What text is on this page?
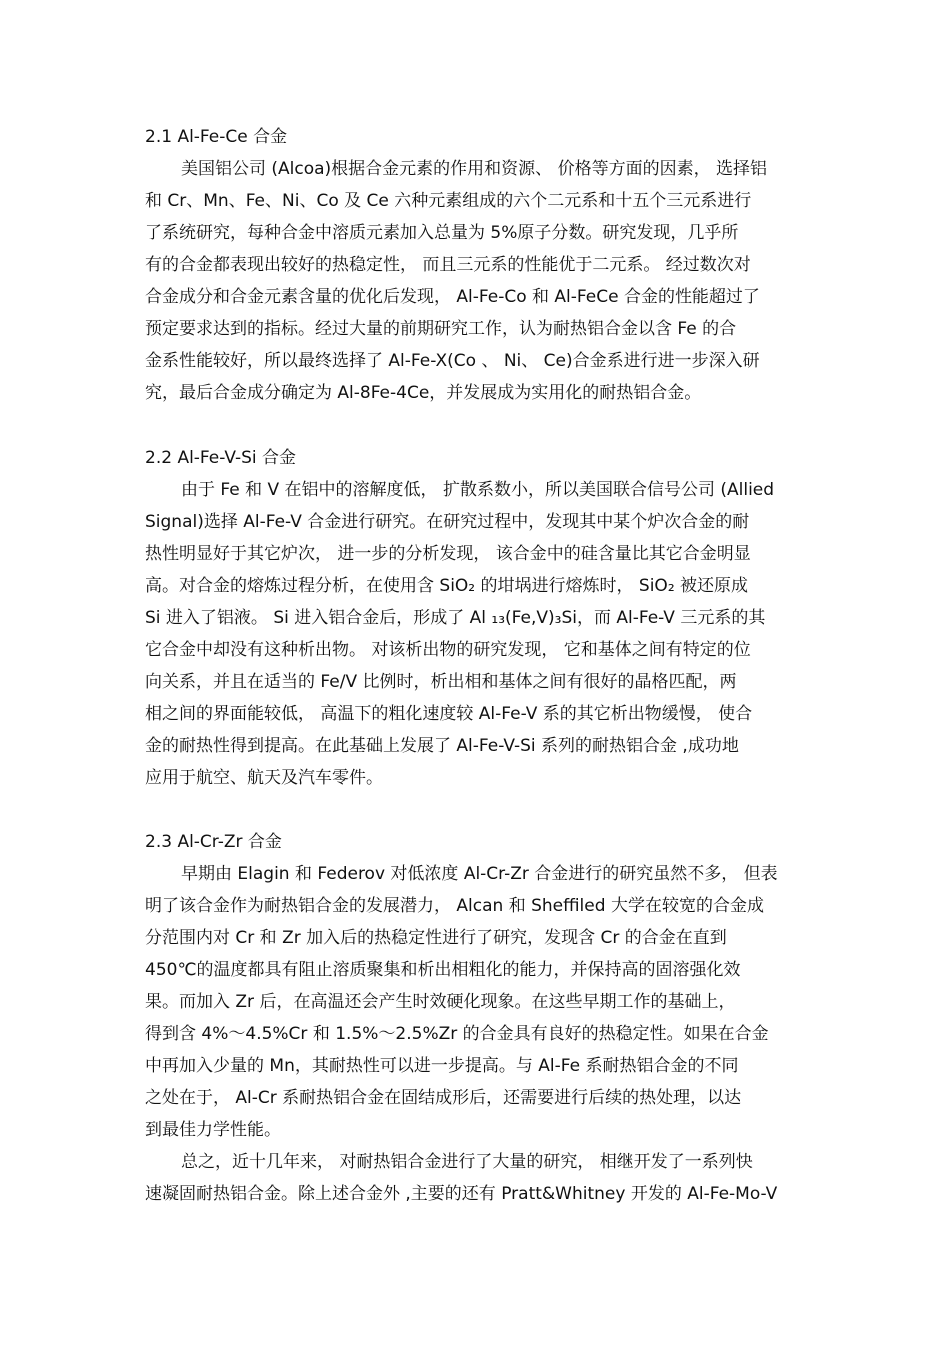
2.1 Al-Fe-Ce 合金
美国铝公司 (Alcoa)根据合金元素的作用和资源、 价格等方面的因素， 选择铝
和 Cr、Mn、Fe、Ni、Co 及 Ce 六种元素组成的六个二元系和十五个三元系进行
了系统研究，每种合金中溶质元素加入总量为 5%原子分数。研究发现，几乎所
有的合金都表现出较好的热稳定性， 而且三元系的性能优于二元系。 经过数次对
合金成分和合金元素含量的优化后发现， Al-Fe-Co 和 Al-FeCe 合金的性能超过了
预定要求达到的指标。经过大量的前期研究工作，认为耐热铝合金以含 Fe 的合
金系性能较好，所以最终选择了 Al-Fe-X(Co 、 Ni、 Ce)合金系进行进一步深入研
究，最后合金成分确定为 Al-8Fe-4Ce，并发展成为实用化的耐热铝合金。
2.2 Al-Fe-V-Si 合金
由于 Fe 和 V 在铝中的溶解度低， 扩散系数小，所以美国联合信号公司 (Allied
Signal)选择 Al-Fe-V 合金进行研究。在研究过程中，发现其中某个炉次合金的耐
热性明显好于其它炉次， 进一步的分析发现， 该合金中的硅含量比其它合金明显
高。对合金的熔炼过程分析，在使用含 SiO₂ 的坩埚进行熔炼时， SiO₂ 被还原成
Si 进入了铝液。 Si 进入铝合金后，形成了 Al ₁₃(Fe,V)₃Si，而 Al-Fe-V 三元系的其
它合金中却没有这种析出物。 对该析出物的研究发现， 它和基体之间有特定的位
向关系，并且在适当的 Fe/V 比例时，析出相和基体之间有很好的晶格匹配，两
相之间的界面能较低， 高温下的粗化速度较 Al-Fe-V 系的其它析出物缓慢， 使合
金的耐热性得到提高。在此基础上发展了 Al-Fe-V-Si 系列的耐热铝合金 ,成功地
应用于航空、航天及汽车零件。
2.3 Al-Cr-Zr 合金
早期由 Elagin 和 Federov 对低浓度 Al-Cr-Zr 合金进行的研究虽然不多， 但表
明了该合金作为耐热铝合金的发展潜力， Alcan 和 Sheffiled 大学在较宽的合金成
分范围内对 Cr 和 Zr 加入后的热稳定性进行了研究，发现含 Cr 的合金在直到
450℃的温度都具有阻止溶质聚集和析出相粗化的能力，并保持高的固溶强化效
果。而加入 Zr 后，在高温还会产生时效硬化现象。在这些早期工作的基础上，
得到含 4%～4.5%Cr 和 1.5%～2.5%Zr 的合金具有良好的热稳定性。如果在合金
中再加入少量的 Mn，其耐热性可以进一步提高。与 Al-Fe 系耐热铝合金的不同
之处在于， Al-Cr 系耐热铝合金在固结成形后，还需要进行后续的热处理，以达
到最佳力学性能。
总之，近十几年来， 对耐热铝合金进行了大量的研究， 相继开发了一系列快
速凝固耐热铝合金。除上述合金外 ,主要的还有 Pratt&Whitney 开发的 Al-Fe-Mo-V
